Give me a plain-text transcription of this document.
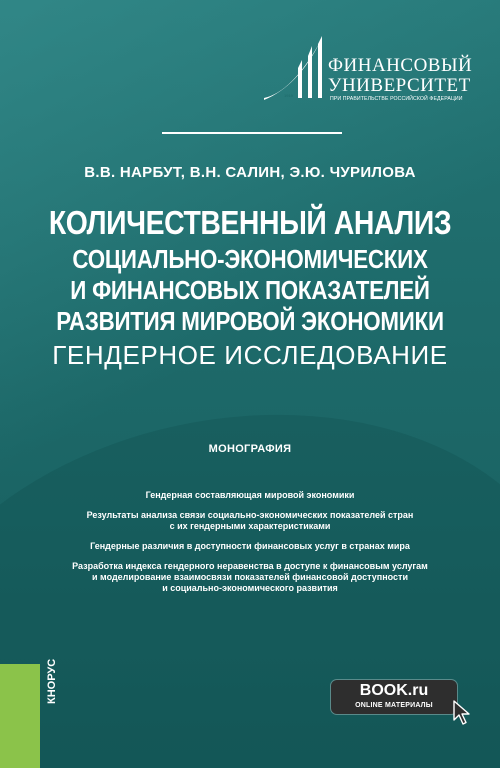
1919
ФИНАНСОВЫЙ
УНИВЕРСИТЕТ
ПРИ ПРАВИТЕЛЬСТВЕ РОССИЙСКОЙ ФЕДЕРАЦИИ
В.В. НАРБУТ, В.Н. САЛИН, Э.Ю. ЧУРИЛОВА
КОЛИЧЕСТВЕННЫЙ АНАЛИЗ
СОЦИАЛЬНО-ЭКОНОМИЧЕСКИХ
И ФИНАНСОВЫХ ПОКАЗАТЕЛЕЙ
РАЗВИТИЯ МИРОВОЙ ЭКОНОМИКИ
ГЕНДЕРНОЕ ИССЛЕДОВАНИЕ
МОНОГРАФИЯ
Гендерная составляющая мировой экономики
Результаты анализа связи социально-экономических показателей стран
с их гендерными характеристиками
Гендерные различия в доступности финансовых услуг в странах мира
Разработка индекса гендерного неравенства в доступе к финансовым услугам
и моделирование взаимосвязи показателей финансовой доступности
и социально-экономического развития
КНОРУС	BOOK.ru
ONLINE МАТЕРИАЛЫ
